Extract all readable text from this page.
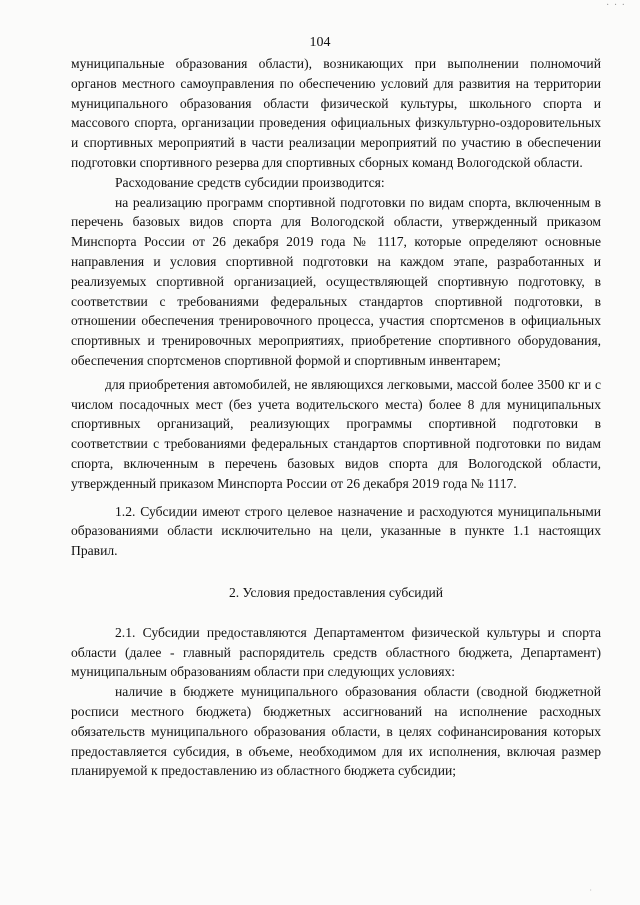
· · ·
104

муниципальные образования области), возникающих при выполнении полномочий органов местного самоуправления по обеспечению условий для развития на территории муниципального образования области физической культуры, школьного спорта и массового спорта, организации проведения официальных физкультурно-оздоровительных и спортивных мероприятий в части реализации мероприятий по участию в обеспечении подготовки спортивного резерва для спортивных сборных команд Вологодской области.

Расходование средств субсидии производится:

на реализацию программ спортивной подготовки по видам спорта, включенным в перечень базовых видов спорта для Вологодской области, утвержденный приказом Минспорта России от 26 декабря 2019 года № 1117, которые определяют основные направления и условия спортивной подготовки на каждом этапе, разработанных и реализуемых спортивной организацией, осуществляющей спортивную подготовку, в соответствии с требованиями федеральных стандартов спортивной подготовки, в отношении обеспечения тренировочного процесса, участия спортсменов в официальных спортивных и тренировочных мероприятиях, приобретение спортивного оборудования, обеспечения спортсменов спортивной формой и спортивным инвентарем;

для приобретения автомобилей, не являющихся легковыми, массой более 3500 кг и с числом посадочных мест (без учета водительского места) более 8 для муниципальных спортивных организаций, реализующих программы спортивной подготовки в соответствии с требованиями федеральных стандартов спортивной подготовки по видам спорта, включенным в перечень базовых видов спорта для Вологодской области, утвержденный приказом Минспорта России от 26 декабря 2019 года № 1117.

1.2. Субсидии имеют строго целевое назначение и расходуются муниципальными образованиями области исключительно на цели, указанные в пункте 1.1 настоящих Правил.

2. Условия предоставления субсидий

2.1. Субсидии предоставляются Департаментом физической культуры и спорта области (далее - главный распорядитель средств областного бюджета, Департамент) муниципальным образованиям области при следующих условиях:

наличие в бюджете муниципального образования области (сводной бюджетной росписи местного бюджета) бюджетных ассигнований на исполнение расходных обязательств муниципального образования области, в целях софинансирования которых предоставляется субсидия, в объеме, необходимом для их исполнения, включая размер планируемой к предоставлению из областного бюджета субсидии;

·
